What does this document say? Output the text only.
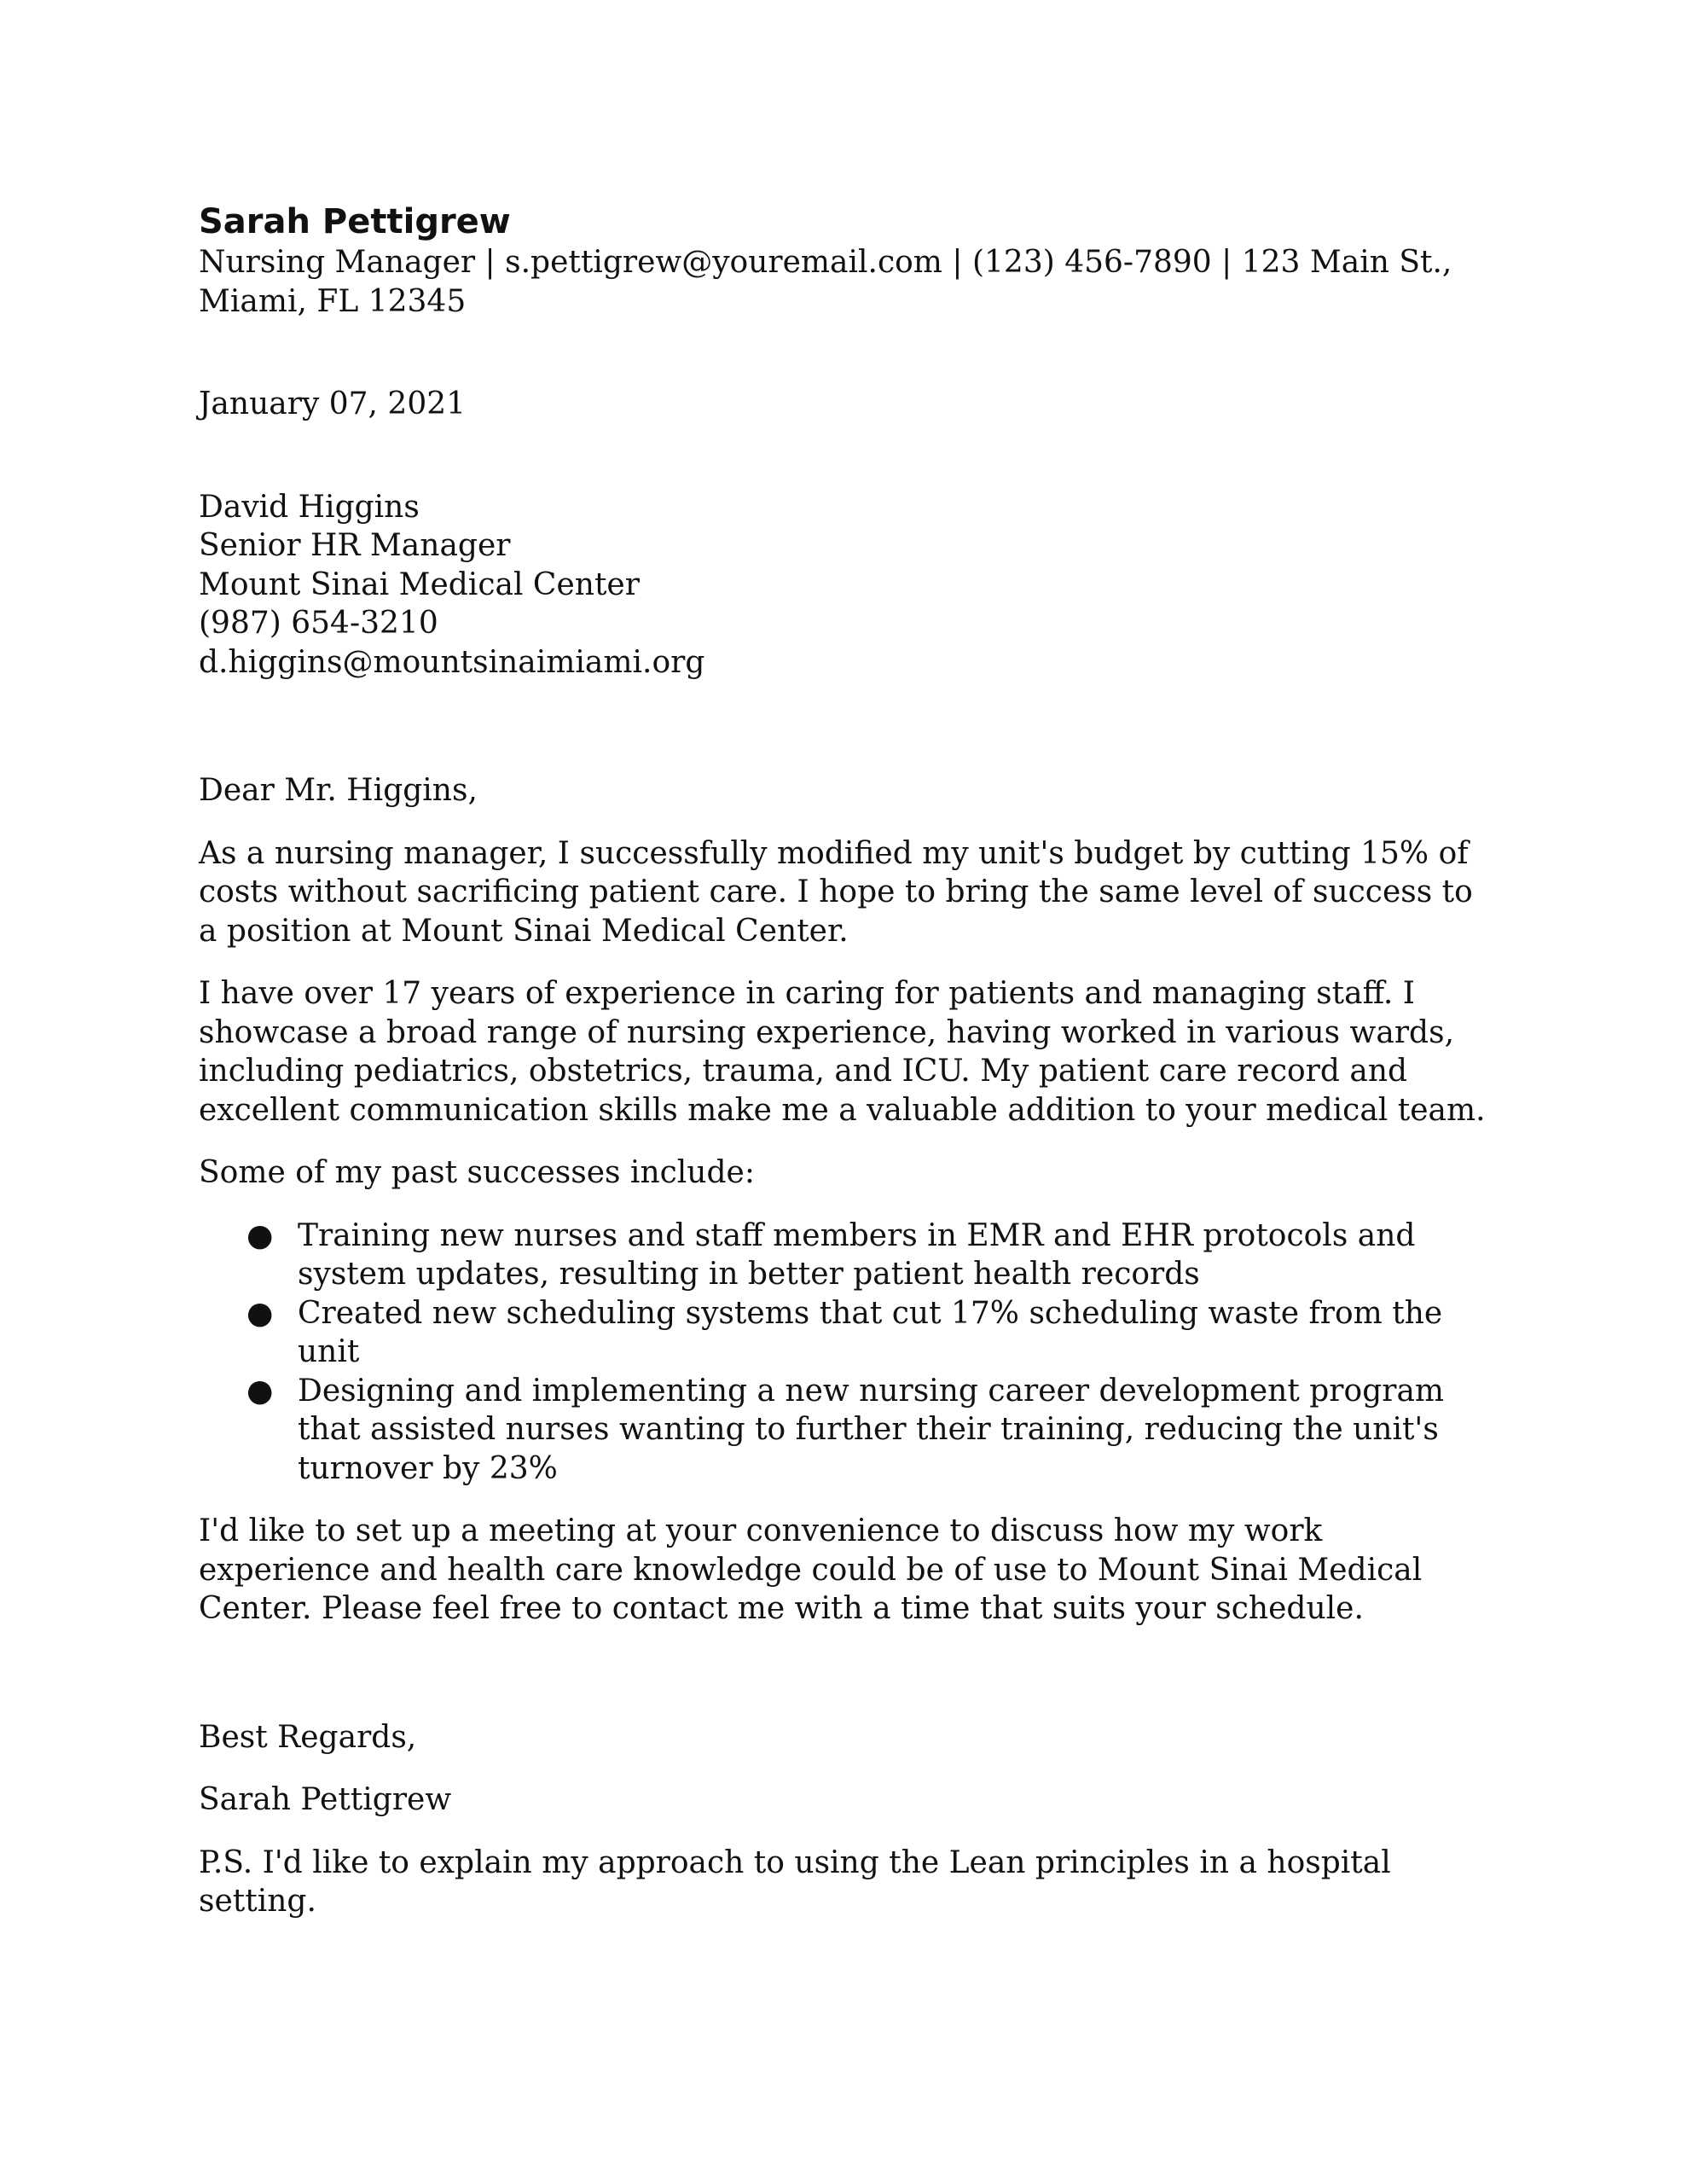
Sarah Pettigrew
Nursing Manager | s.pettigrew@youremail.com | (123) 456-7890 | 123 Main St., Miami, FL 12345
January 07, 2021
David Higgins
Senior HR Manager
Mount Sinai Medical Center
(987) 654-3210
d.higgins@mountsinaimiami.org
Dear Mr. Higgins,

As a nursing manager, I successfully modified my unit's budget by cutting 15% of costs without sacrificing patient care. I hope to bring the same level of success to a position at Mount Sinai Medical Center.

I have over 17 years of experience in caring for patients and managing staff. I showcase a broad range of nursing experience, having worked in various wards, including pediatrics, obstetrics, trauma, and ICU. My patient care record and excellent communication skills make me a valuable addition to your medical team.

Some of my past successes include:

● Training new nurses and staff members in EMR and EHR protocols and system updates, resulting in better patient health records
● Created new scheduling systems that cut 17% scheduling waste from the unit
● Designing and implementing a new nursing career development program that assisted nurses wanting to further their training, reducing the unit's turnover by 23%

I'd like to set up a meeting at your convenience to discuss how my work experience and health care knowledge could be of use to Mount Sinai Medical Center. Please feel free to contact me with a time that suits your schedule.

Best Regards,
Sarah Pettigrew
P.S. I'd like to explain my approach to using the Lean principles in a hospital setting.
